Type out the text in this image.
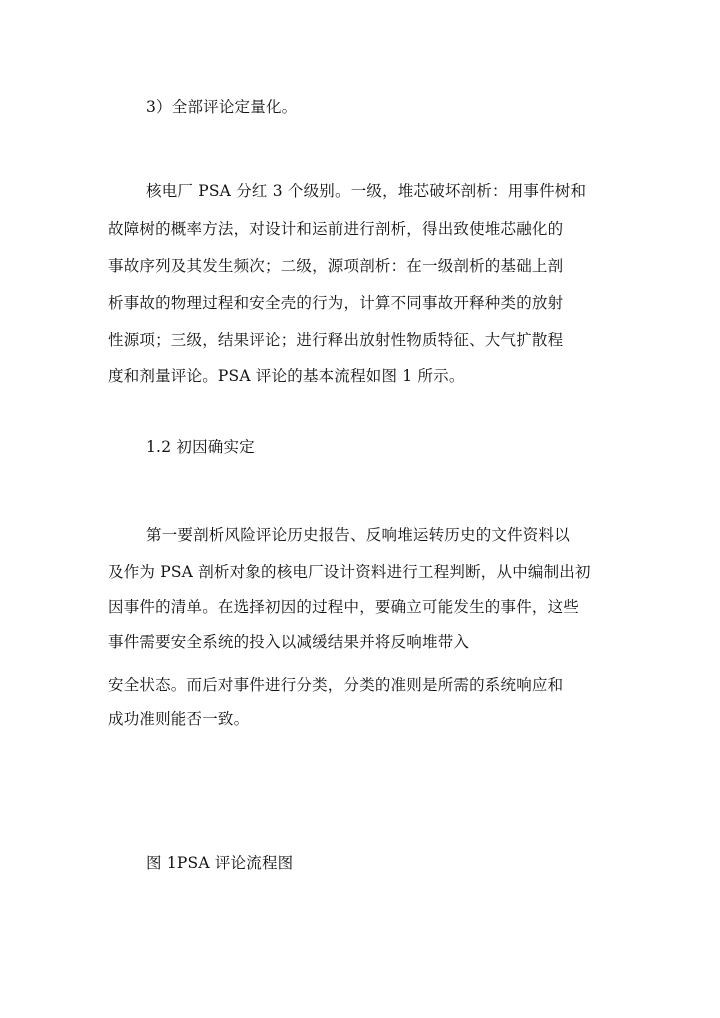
3）全部评论定量化。
核电厂 PSA 分红 3 个级别。一级，堆芯破坏剖析：用事件树和
故障树的概率方法，对设计和运前进行剖析，得出致使堆芯融化的
事故序列及其发生频次；二级，源项剖析：在一级剖析的基础上剖
析事故的物理过程和安全壳的行为，计算不同事故开释种类的放射
性源项；三级，结果评论；进行释出放射性物质特征、大气扩散程
度和剂量评论。PSA 评论的基本流程如图 1 所示。
1.2 初因确实定
第一要剖析风险评论历史报告、反响堆运转历史的文件资料以
及作为 PSA 剖析对象的核电厂设计资料进行工程判断，从中编制出初
因事件的清单。在选择初因的过程中，要确立可能发生的事件，这些
事件需要安全系统的投入以减缓结果并将反响堆带入
安全状态。而后对事件进行分类，分类的准则是所需的系统响应和
成功准则能否一致。
图 1PSA 评论流程图
